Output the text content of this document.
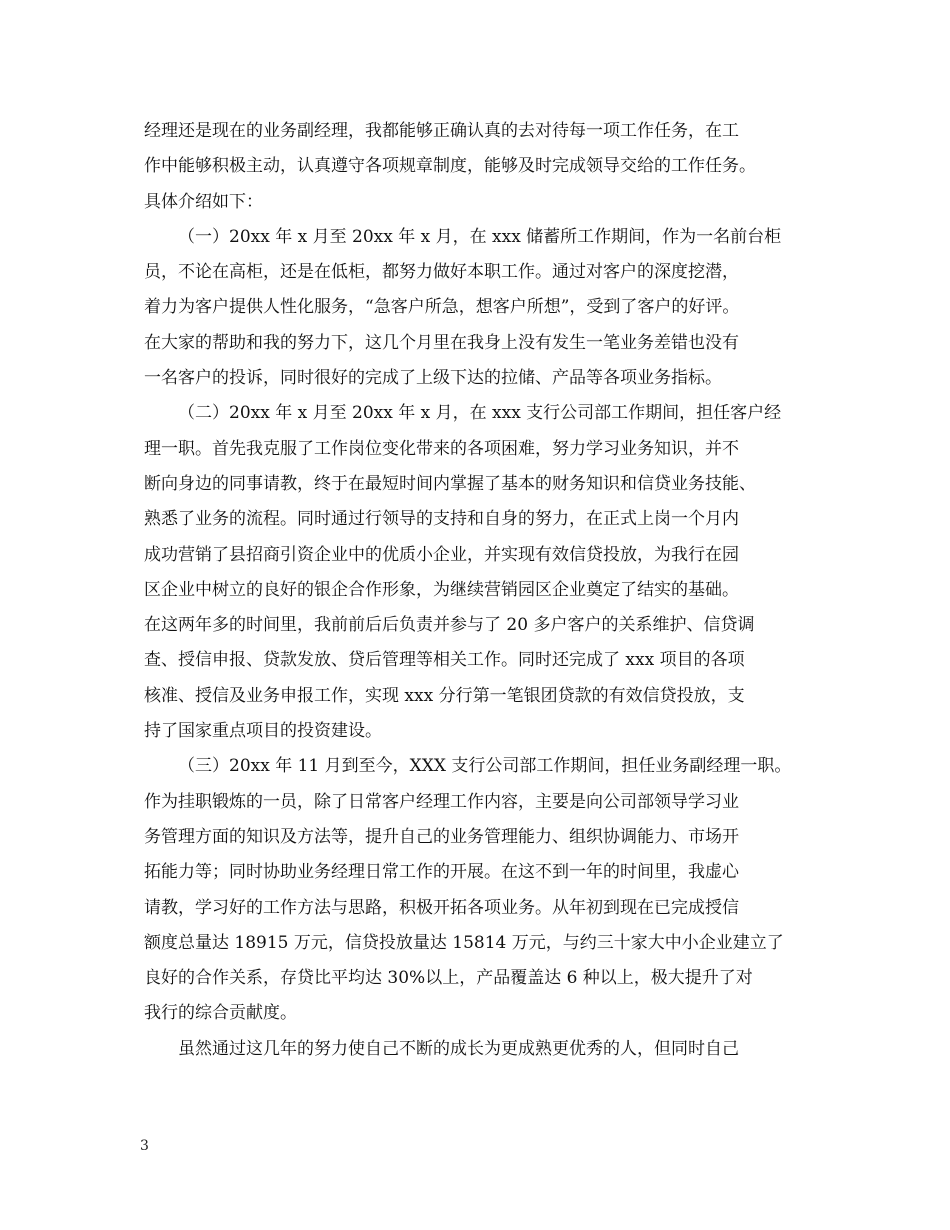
经理还是现在的业务副经理，我都能够正确认真的去对待每一项工作任务，在工
作中能够积极主动，认真遵守各项规章制度，能够及时完成领导交给的工作任务。
具体介绍如下：
（一）20xx 年 x 月至 20xx 年 x 月，在 xxx 储蓄所工作期间，作为一名前台柜
员，不论在高柜，还是在低柜，都努力做好本职工作。通过对客户的深度挖潜，
着力为客户提供人性化服务，“急客户所急，想客户所想”，受到了客户的好评。
在大家的帮助和我的努力下，这几个月里在我身上没有发生一笔业务差错也没有
一名客户的投诉，同时很好的完成了上级下达的拉储、产品等各项业务指标。
（二）20xx 年 x 月至 20xx 年 x 月，在 xxx 支行公司部工作期间，担任客户经
理一职。首先我克服了工作岗位变化带来的各项困难，努力学习业务知识，并不
断向身边的同事请教，终于在最短时间内掌握了基本的财务知识和信贷业务技能、
熟悉了业务的流程。同时通过行领导的支持和自身的努力，在正式上岗一个月内
成功营销了县招商引资企业中的优质小企业，并实现有效信贷投放，为我行在园
区企业中树立的良好的银企合作形象，为继续营销园区企业奠定了结实的基础。
在这两年多的时间里，我前前后后负责并参与了 20 多户客户的关系维护、信贷调
查、授信申报、贷款发放、贷后管理等相关工作。同时还完成了 xxx 项目的各项
核准、授信及业务申报工作，实现 xxx 分行第一笔银团贷款的有效信贷投放，支
持了国家重点项目的投资建设。
（三）20xx 年 11 月到至今，XXX 支行公司部工作期间，担任业务副经理一职。
作为挂职锻炼的一员，除了日常客户经理工作内容，主要是向公司部领导学习业
务管理方面的知识及方法等，提升自己的业务管理能力、组织协调能力、市场开
拓能力等；同时协助业务经理日常工作的开展。在这不到一年的时间里，我虚心
请教，学习好的工作方法与思路，积极开拓各项业务。从年初到现在已完成授信
额度总量达 18915 万元，信贷投放量达 15814 万元，与约三十家大中小企业建立了
良好的合作关系，存贷比平均达 30%以上，产品覆盖达 6 种以上，极大提升了对
我行的综合贡献度。
虽然通过这几年的努力使自己不断的成长为更成熟更优秀的人，但同时自己
3
